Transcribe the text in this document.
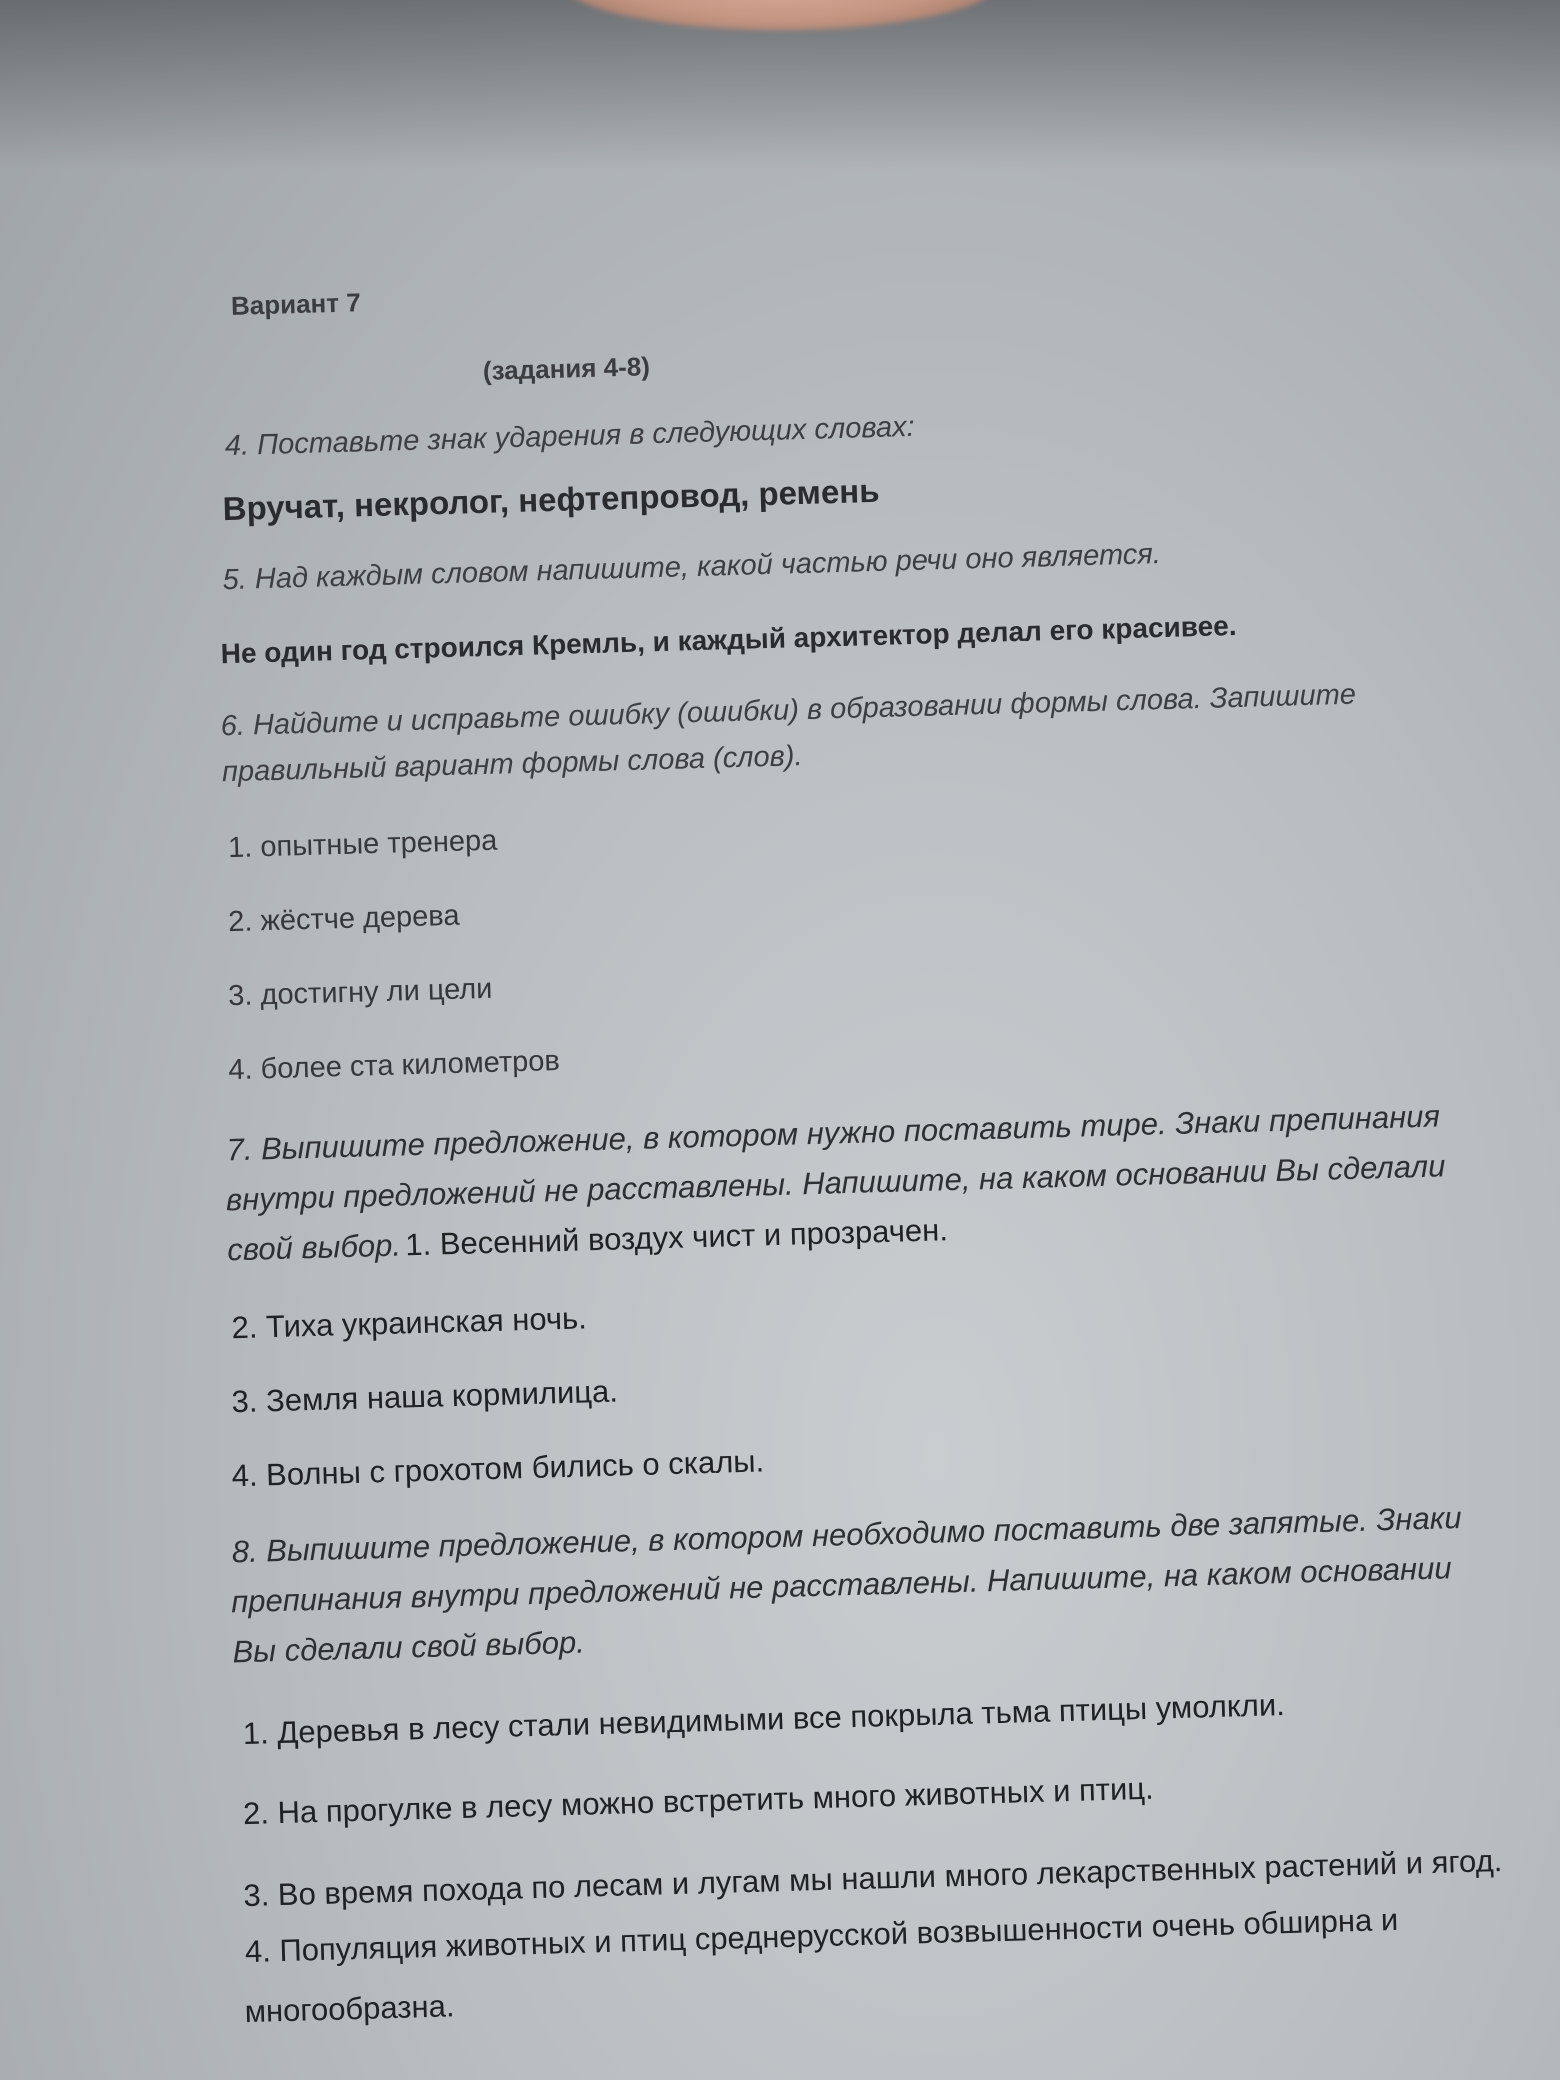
Вариант 7
(задания 4-8)
4. Поставьте знак ударения в следующих словах:
Вручат, некролог, нефтепровод, ремень
5. Над каждым словом напишите, какой частью речи оно является.
Не один год строился Кремль, и каждый архитектор делал его красивее.
6. Найдите и исправьте ошибку (ошибки) в образовании формы слова. Запишите
правильный вариант формы слова (слов).
1. опытные тренера
2. жёстче дерева
3. достигну ли цели
4. более ста километров
7. Выпишите предложение, в котором нужно поставить тире. Знаки препинания
внутри предложений не расставлены. Напишите, на каком основании Вы сделали
свой выбор. 1. Весенний воздух чист и прозрачен.
2. Тиха украинская ночь.
3. Земля наша кормилица.
4. Волны с грохотом бились о скалы.
8. Выпишите предложение, в котором необходимо поставить две запятые. Знаки
препинания внутри предложений не расставлены. Напишите, на каком основании
Вы сделали свой выбор.
1. Деревья в лесу стали невидимыми все покрыла тьма птицы умолкли.
2. На прогулке в лесу можно встретить много животных и птиц.
3. Во время похода по лесам и лугам мы нашли много лекарственных растений и ягод.
4. Популяция животных и птиц среднерусской возвышенности очень обширна и
многообразна.
